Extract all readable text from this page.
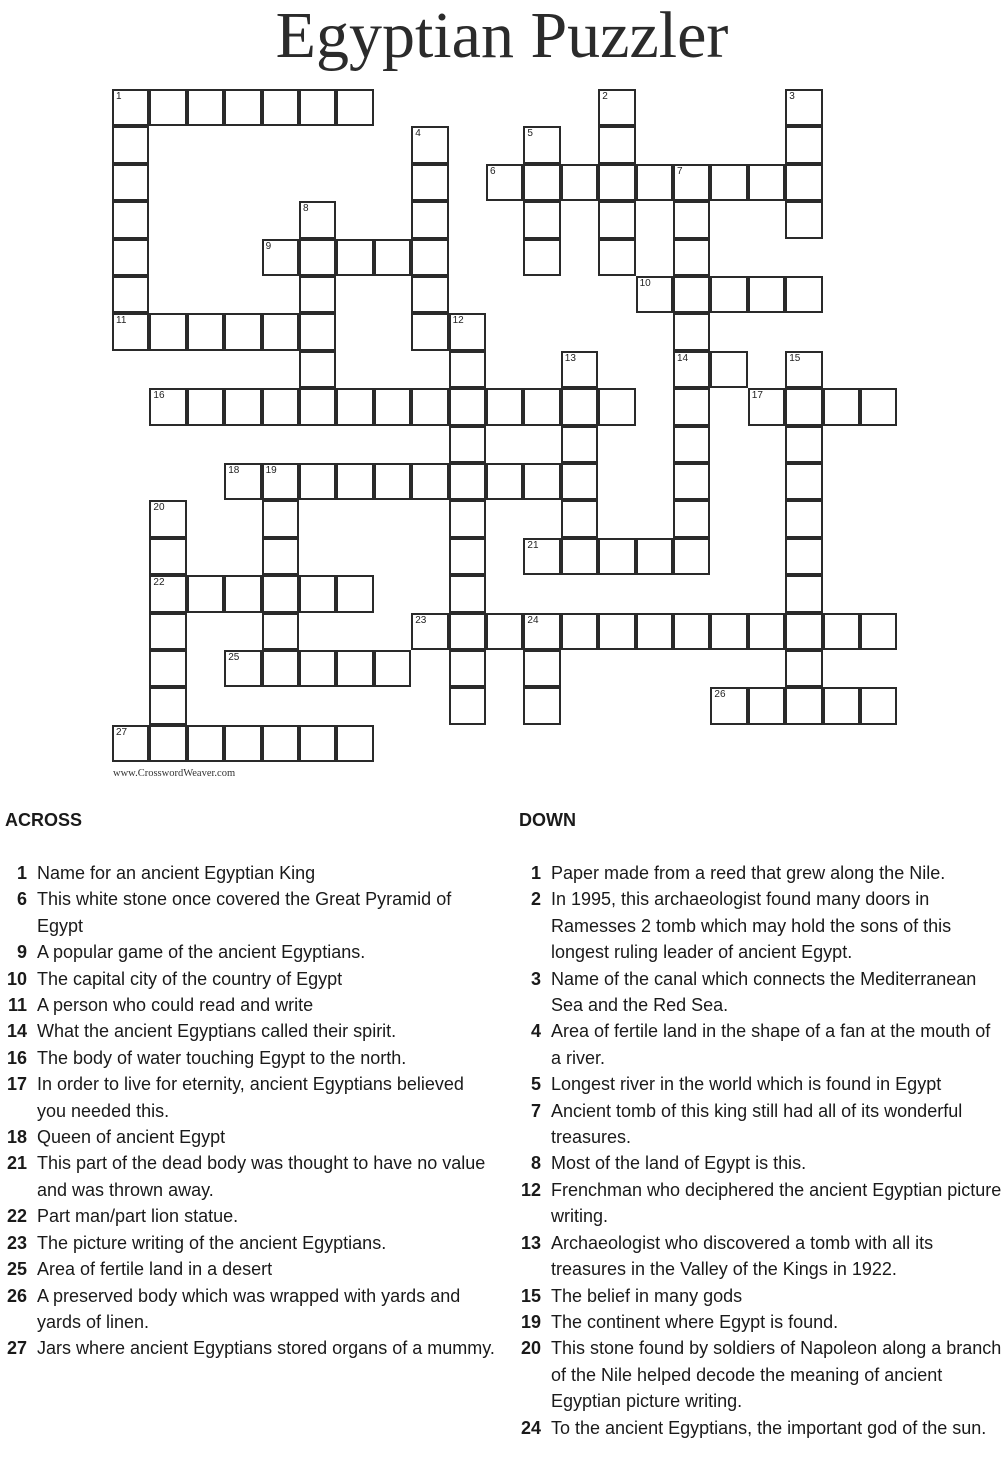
Egyptian Puzzler
1
11
2	3
4	5
6	7
14
8
9
10
12
13	15
16	17
18	19
20
22
21
23	24
25
26
27
www.CrosswordWeaver.com
ACROSS
1 Name for an ancient Egyptian King
6 This white stone once covered the Great Pyramid of Egypt
9 A popular game of the ancient Egyptians.
10 The capital city of the country of Egypt
11 A person who could read and write
14 What the ancient Egyptians called their spirit.
16 The body of water touching Egypt to the north.
17 In order to live for eternity, ancient Egyptians believed you needed this.
18 Queen of ancient Egypt
21 This part of the dead body was thought to have no value and was thrown away.
22 Part man/part lion statue.
23 The picture writing of the ancient Egyptians.
25 Area of fertile land in a desert
26 A preserved body which was wrapped with yards and yards of linen.
27 Jars where ancient Egyptians stored organs of a mummy.
DOWN
1 Paper made from a reed that grew along the Nile.
2 In 1995, this archaeologist found many doors in Ramesses 2 tomb which may hold the sons of this longest ruling leader of ancient Egypt.
3 Name of the canal which connects the Mediterranean Sea and the Red Sea.
4 Area of fertile land in the shape of a fan at the mouth of a river.
5 Longest river in the world which is found in Egypt
7 Ancient tomb of this king still had all of its wonderful treasures.
8 Most of the land of Egypt is this.
12 Frenchman who deciphered the ancient Egyptian picture writing.
13 Archaeologist who discovered a tomb with all its treasures in the Valley of the Kings in 1922.
15 The belief in many gods
19 The continent where Egypt is found.
20 This stone found by soldiers of Napoleon along a branch of the Nile helped decode the meaning of ancient Egyptian picture writing.
24 To the ancient Egyptians, the important god of the sun.
